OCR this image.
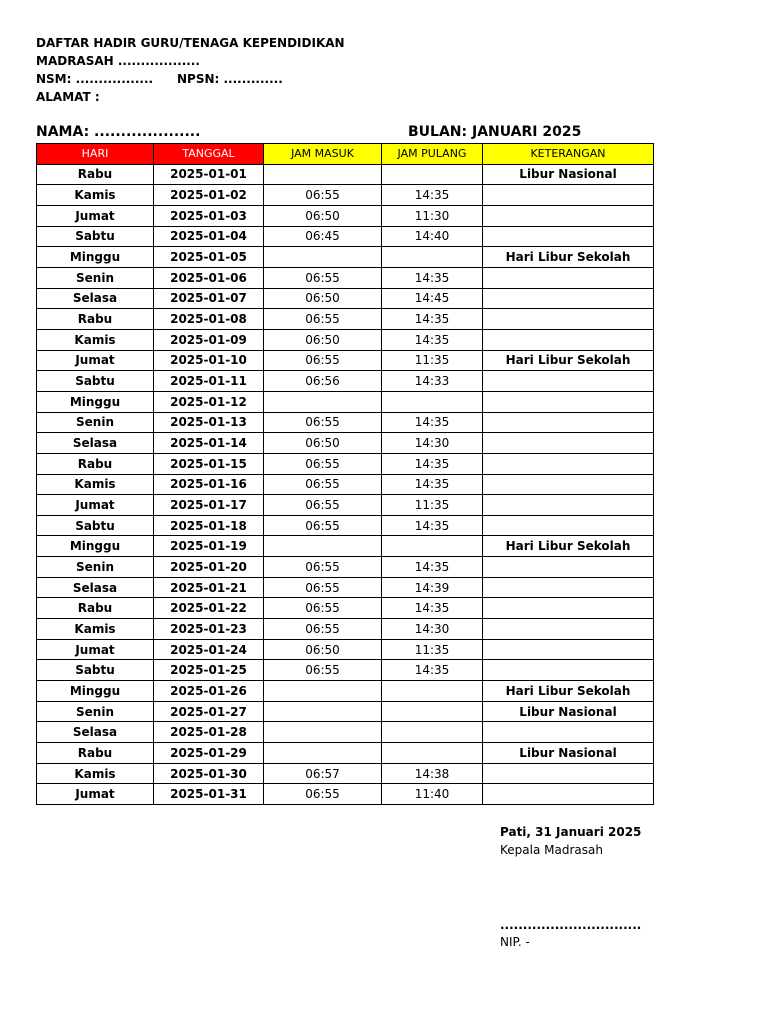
DAFTAR HADIR GURU/TENAGA KEPENDIDIKAN
MADRASAH ..................
NSM: ................. NPSN: .............
ALAMAT :
NAMA: ....................	BULAN: JANUARI 2025
HARI	TANGGAL	JAM MASUK	JAM PULANG	KETERANGAN
Rabu	2025-01-01			Libur Nasional
Kamis	2025-01-02	06:55	14:35	
Jumat	2025-01-03	06:50	11:30	
Sabtu	2025-01-04	06:45	14:40	
Minggu	2025-01-05			Hari Libur Sekolah
Senin	2025-01-06	06:55	14:35	
Selasa	2025-01-07	06:50	14:45	
Rabu	2025-01-08	06:55	14:35	
Kamis	2025-01-09	06:50	14:35	
Jumat	2025-01-10	06:55	11:35	Hari Libur Sekolah
Sabtu	2025-01-11	06:56	14:33	
Minggu	2025-01-12			
Senin	2025-01-13	06:55	14:35	
Selasa	2025-01-14	06:50	14:30	
Rabu	2025-01-15	06:55	14:35	
Kamis	2025-01-16	06:55	14:35	
Jumat	2025-01-17	06:55	11:35	
Sabtu	2025-01-18	06:55	14:35	
Minggu	2025-01-19			Hari Libur Sekolah
Senin	2025-01-20	06:55	14:35	
Selasa	2025-01-21	06:55	14:39	
Rabu	2025-01-22	06:55	14:35	
Kamis	2025-01-23	06:55	14:30	
Jumat	2025-01-24	06:50	11:35	
Sabtu	2025-01-25	06:55	14:35	
Minggu	2025-01-26			Hari Libur Sekolah
Senin	2025-01-27			Libur Nasional
Selasa	2025-01-28			
Rabu	2025-01-29			Libur Nasional
Kamis	2025-01-30	06:57	14:38	
Jumat	2025-01-31	06:55	11:40	
Pati, 31 Januari 2025
Kepala Madrasah
...............................
NIP. -
